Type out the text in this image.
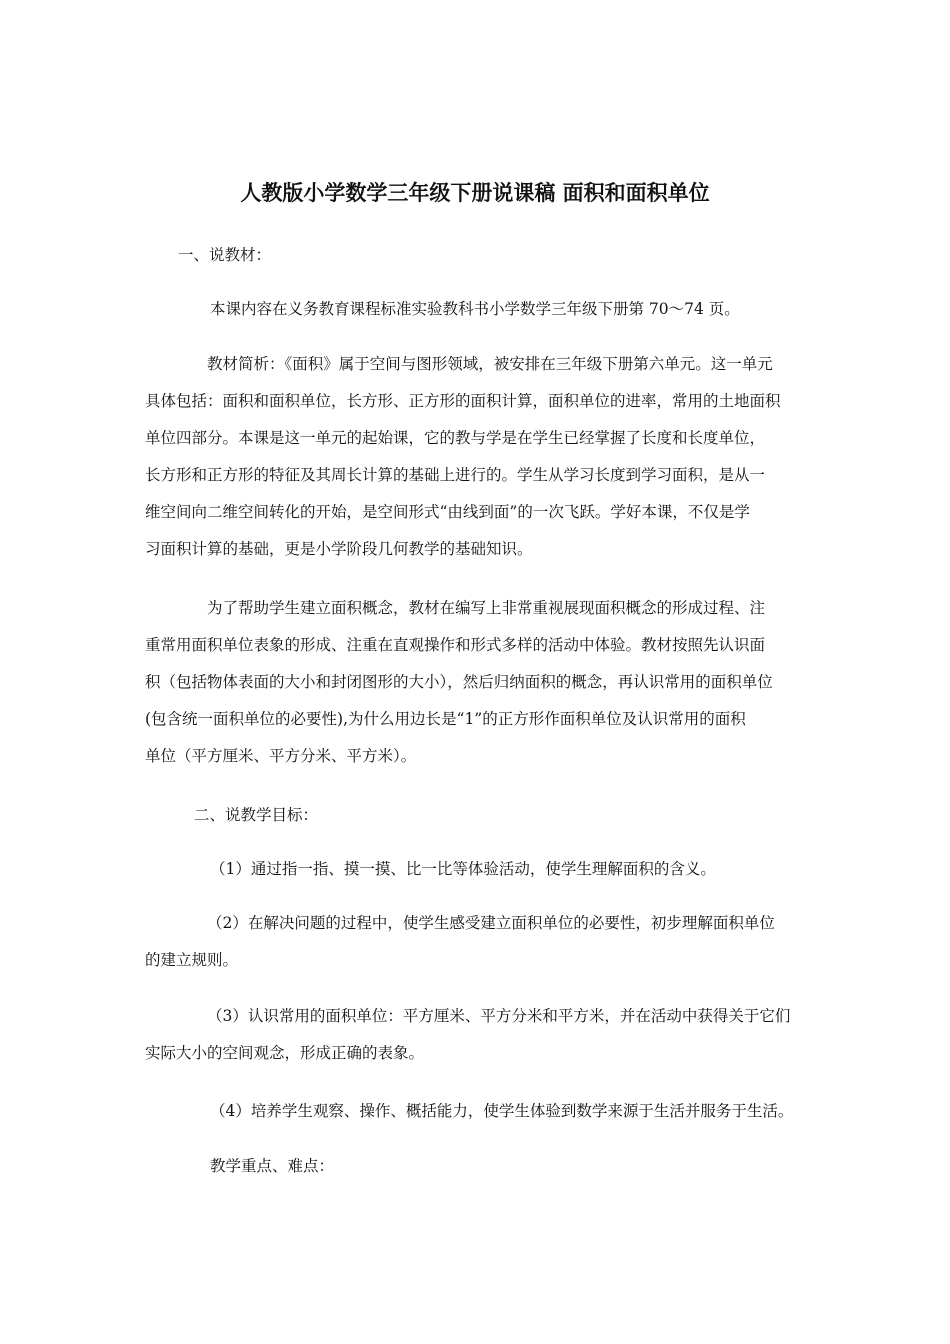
人教版小学数学三年级下册说课稿 面积和面积单位

一、说教材：

本课内容在义务教育课程标准实验教科书小学数学三年级下册第 70～74 页。

教材简析：《面积》属于空间与图形领域，被安排在三年级下册第六单元。这一单元
具体包括：面积和面积单位，长方形、正方形的面积计算，面积单位的进率，常用的土地面积
单位四部分。本课是这一单元的起始课，它的教与学是在学生已经掌握了长度和长度单位，
长方形和正方形的特征及其周长计算的基础上进行的。学生从学习长度到学习面积，是从一
维空间向二维空间转化的开始，是空间形式“由线到面”的一次飞跃。学好本课，不仅是学
习面积计算的基础，更是小学阶段几何教学的基础知识。
为了帮助学生建立面积概念，教材在编写上非常重视展现面积概念的形成过程、注
重常用面积单位表象的形成、注重在直观操作和形式多样的活动中体验。教材按照先认识面
积（包括物体表面的大小和封闭图形的大小），然后归纳面积的概念，再认识常用的面积单位
(包含统一面积单位的必要性),为什么用边长是“1”的正方形作面积单位及认识常用的面积
单位（平方厘米、平方分米、平方米）。

二、说教学目标：

（1）通过指一指、摸一摸、比一比等体验活动，使学生理解面积的含义。

（2）在解决问题的过程中，使学生感受建立面积单位的必要性，初步理解面积单位
的建立规则。
（3）认识常用的面积单位：平方厘米、平方分米和平方米，并在活动中获得关于它们
实际大小的空间观念，形成正确的表象。

（4）培养学生观察、操作、概括能力，使学生体验到数学来源于生活并服务于生活。

教学重点、难点：
